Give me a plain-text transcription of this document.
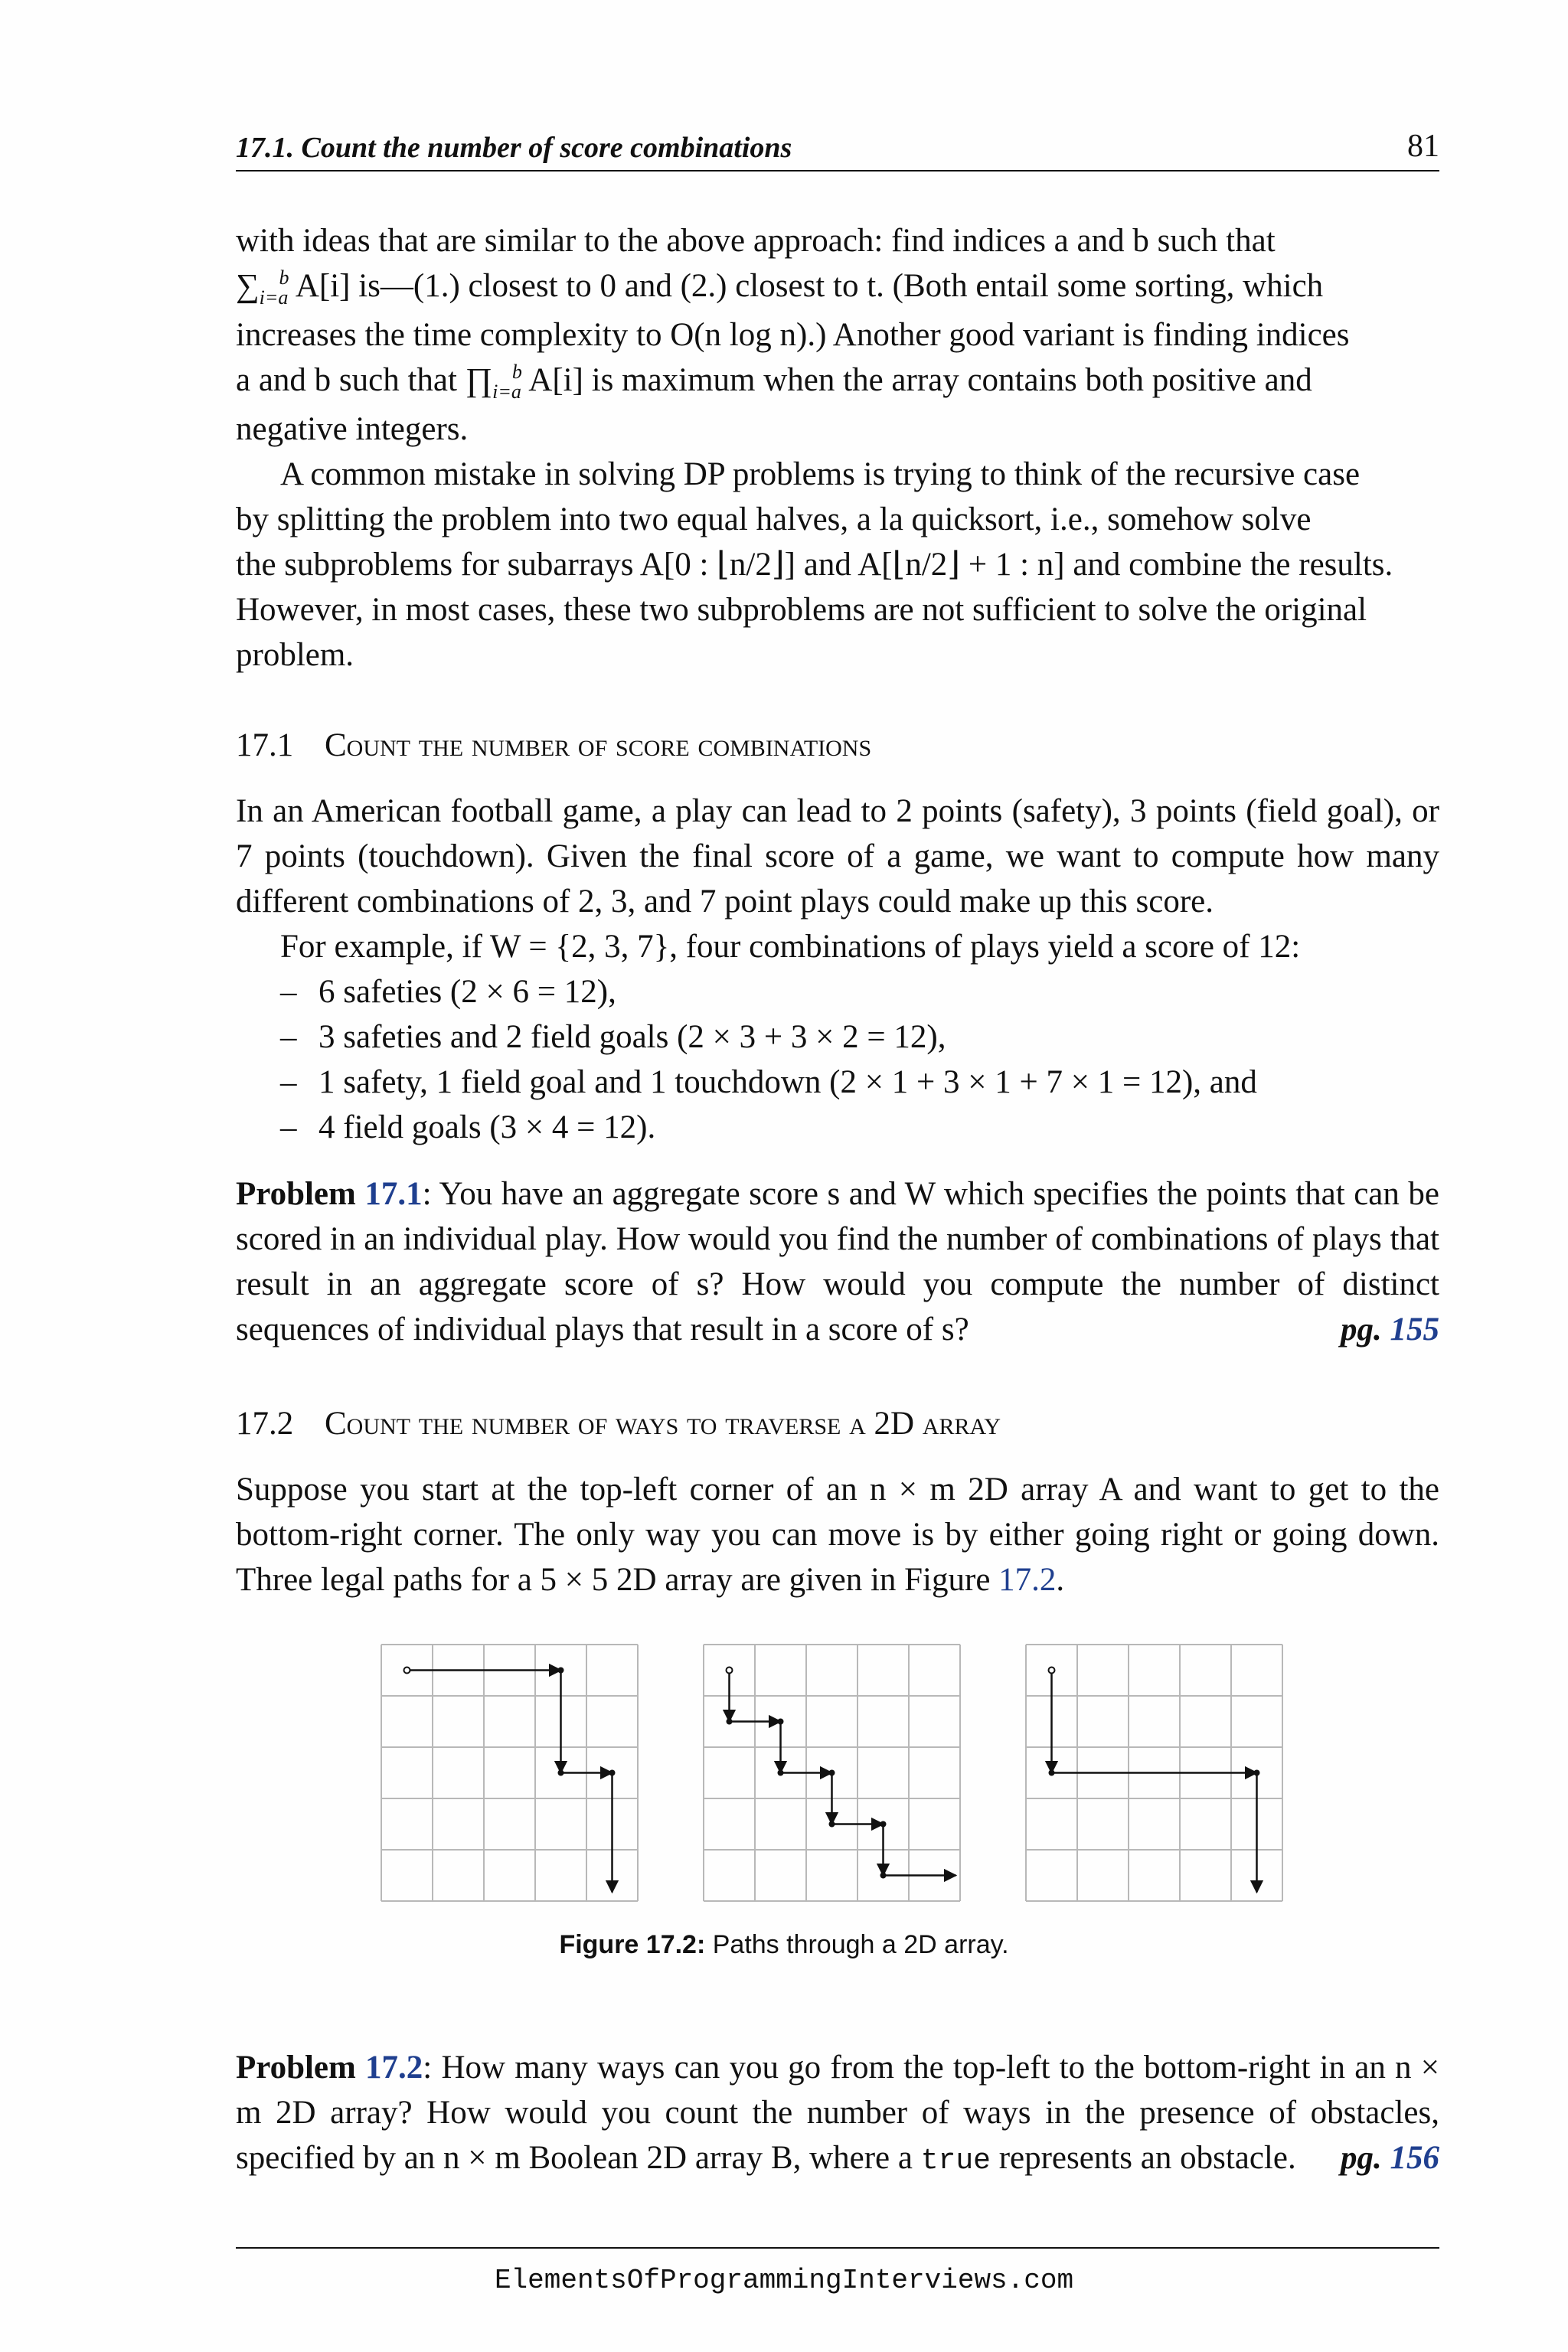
17.1. Count the number of score combinations	81
with ideas that are similar to the above approach: find indices a and b such that
$\sum_{i=a}^b$ A[i] is—(1.) closest to 0 and (2.) closest to t. (Both entail some sorting, which
increases the time complexity to O(n log n).) Another good variant is finding indices
a and b such that $\prod_{i=a}^b$ A[i] is maximum when the array contains both positive and
negative integers.
A common mistake in solving DP problems is trying to think of the recursive case
by splitting the problem into two equal halves, a la quicksort, i.e., somehow solve
the subproblems for subarrays A[0 : ⌊n/2⌋] and A[⌊n/2⌋ + 1 : n] and combine the results.
However, in most cases, these two subproblems are not sufficient to solve the original
problem.
17.1 Count the number of score combinations

In an American football game, a play can lead to 2 points (safety), 3 points (field goal), or 7 points (touchdown). Given the final score of a game, we want to compute how many different combinations of 2, 3, and 7 point plays could make up this score.

For example, if W = {2, 3, 7}, four combinations of plays yield a score of 12:

– 6 safeties (2 × 6 = 12),
– 3 safeties and 2 field goals (2 × 3 + 3 × 2 = 12),
– 1 safety, 1 field goal and 1 touchdown (2 × 1 + 3 × 1 + 7 × 1 = 12), and
– 4 field goals (3 × 4 = 12).

Problem 17.1: You have an aggregate score s and W which specifies the points that can be scored in an individual play. How would you find the number of combinations of plays that result in an aggregate score of s? How would you compute the number of distinct sequences of individual plays that result in a score of s?	pg. 155

17.2 Count the number of ways to traverse a 2D array

Suppose you start at the top-left corner of an n × m 2D array A and want to get to the bottom-right corner. The only way you can move is by either going right or going down. Three legal paths for a 5 × 5 2D array are given in Figure 17.2.

Figure 17.2: Paths through a 2D array.

Problem 17.2: How many ways can you go from the top-left to the bottom-right in an n × m 2D array? How would you count the number of ways in the presence of obstacles, specified by an n × m Boolean 2D array B, where a true represents an obstacle. pg. 156

ElementsOfProgrammingInterviews.com
